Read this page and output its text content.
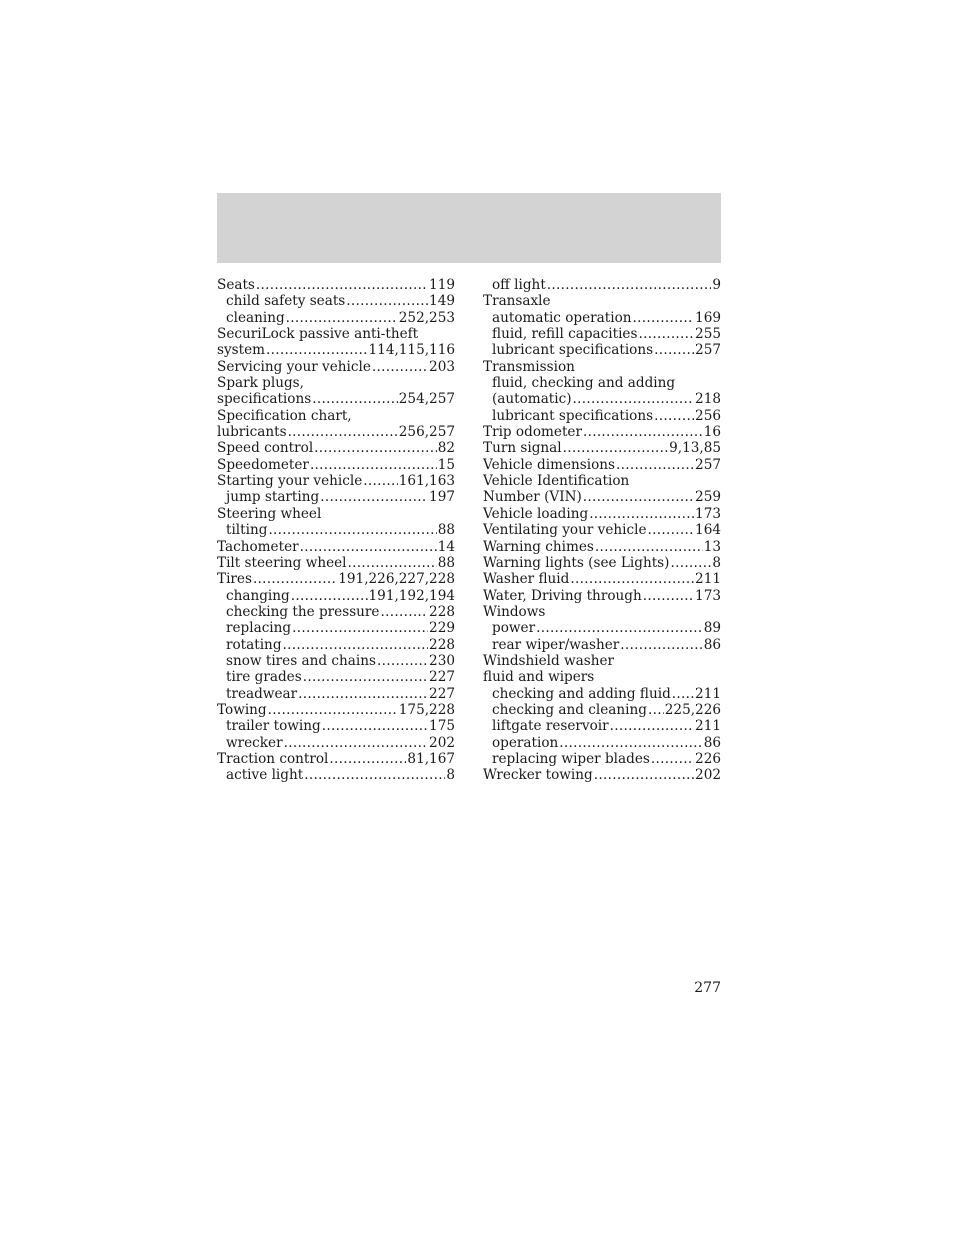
Seats .....	119
child safety seats .....	149
cleaning .....	252,253
SecuriLock passive anti-theft
system .....	114,115,116
Servicing your vehicle .....	203
Spark plugs,
specifications .....	254,257
Specification chart,
lubricants .....	256,257
Speed control .....	82
Speedometer .....	15
Starting your vehicle .....	161,163
jump starting .....	197
Steering wheel
tilting .....	88
Tachometer .....	14
Tilt steering wheel .....	88
Tires .....	191,226,227,228
changing .....	191,192,194
checking the pressure .....	228
replacing .....	229
rotating .....	228
snow tires and chains .....	230
tire grades .....	227
treadwear .....	227
Towing .....	175,228
trailer towing .....	175
wrecker .....	202
Traction control .....	81,167
active light .....	8
off light .....	9
Transaxle
automatic operation .....	169
fluid, refill capacities .....	255
lubricant specifications .....	257
Transmission
fluid, checking and adding
(automatic) .....	218
lubricant specifications .....	256
Trip odometer .....	16
Turn signal .....	9,13,85
Vehicle dimensions .....	257
Vehicle Identification
Number (VIN) .....	259
Vehicle loading .....	173
Ventilating your vehicle .....	164
Warning chimes .....	13
Warning lights (see Lights) .....	8
Washer fluid .....	211
Water, Driving through .....	173
Windows
power .....	89
rear wiper/washer .....	86
Windshield washer
fluid and wipers
checking and adding fluid ..... 211
checking and cleaning ..... 225,226
liftgate reservoir .....	211
operation .....	86
replacing wiper blades .....	226
Wrecker towing .....	202
277
